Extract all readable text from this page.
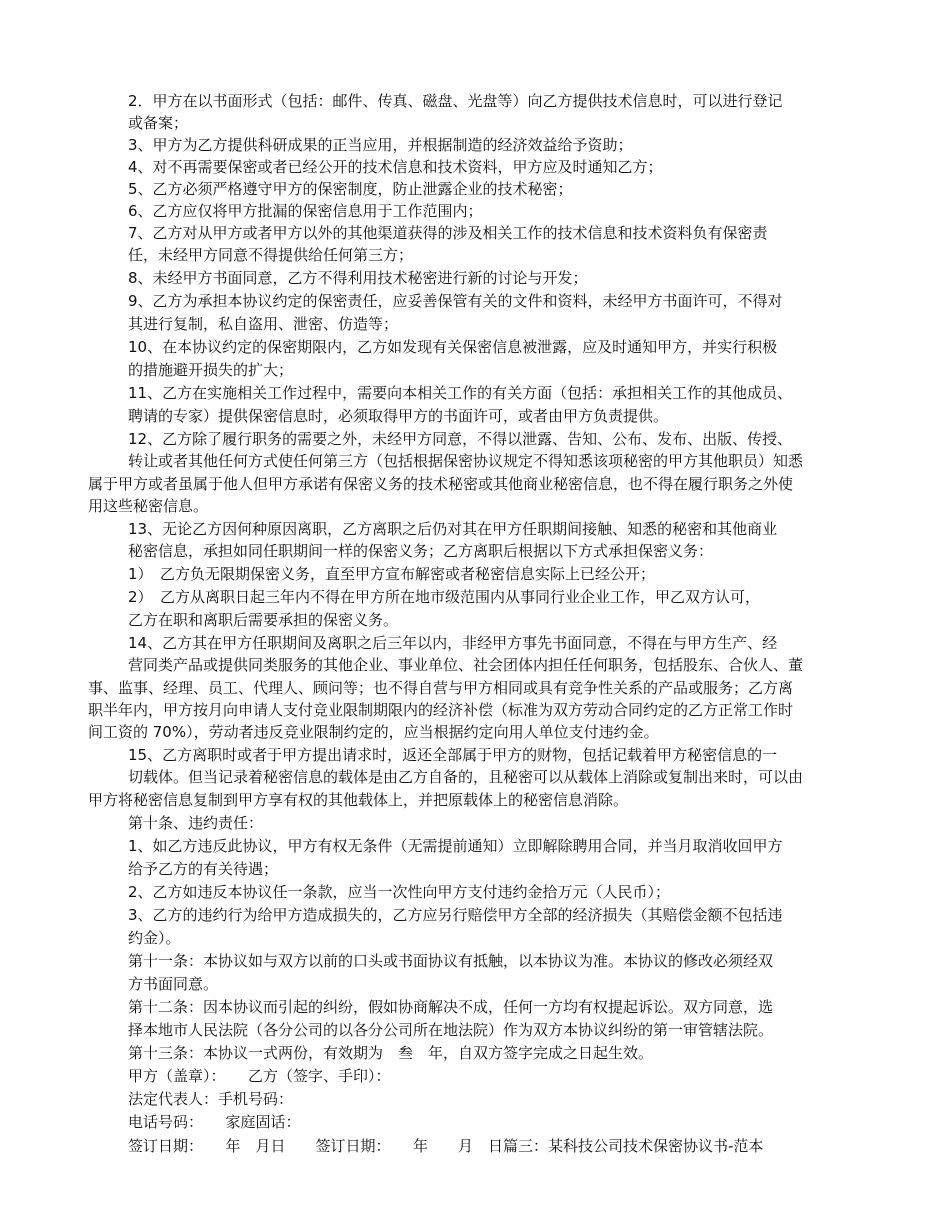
2．甲方在以书面形式（包括：邮件、传真、磁盘、光盘等）向乙方提供技术信息时，可以进行登记
或备案；
3、甲方为乙方提供科研成果的正当应用，并根据制造的经济效益给予资助；
4、对不再需要保密或者已经公开的技术信息和技术资料，甲方应及时通知乙方；
5、乙方必须严格遵守甲方的保密制度，防止泄露企业的技术秘密；
6、乙方应仅将甲方批漏的保密信息用于工作范围内；
7、乙方对从甲方或者甲方以外的其他渠道获得的涉及相关工作的技术信息和技术资料负有保密责
任，未经甲方同意不得提供给任何第三方；
8、未经甲方书面同意，乙方不得利用技术秘密进行新的讨论与开发；
9、乙方为承担本协议约定的保密责任，应妥善保管有关的文件和资料，未经甲方书面许可，不得对
其进行复制，私自盗用、泄密、仿造等；
10、在本协议约定的保密期限内，乙方如发现有关保密信息被泄露，应及时通知甲方，并实行积极
的措施避开损失的扩大；
11、乙方在实施相关工作过程中，需要向本相关工作的有关方面（包括：承担相关工作的其他成员、
聘请的专家）提供保密信息时，必须取得甲方的书面许可，或者由甲方负责提供。
12、乙方除了履行职务的需要之外，未经甲方同意，不得以泄露、告知、公布、发布、出版、传授、
转让或者其他任何方式使任何第三方（包括根据保密协议规定不得知悉该项秘密的甲方其他职员）知悉
属于甲方或者虽属于他人但甲方承诺有保密义务的技术秘密或其他商业秘密信息，也不得在履行职务之外使
用这些秘密信息。
13、无论乙方因何种原因离职，乙方离职之后仍对其在甲方任职期间接触、知悉的秘密和其他商业
秘密信息，承担如同任职期间一样的保密义务；乙方离职后根据以下方式承担保密义务：
1）　乙方负无限期保密义务，直至甲方宣布解密或者秘密信息实际上已经公开；
2）　乙方从离职日起三年内不得在甲方所在地市级范围内从事同行业企业工作，甲乙双方认可，
乙方在职和离职后需要承担的保密义务。
14、乙方其在甲方任职期间及离职之后三年以内，非经甲方事先书面同意，不得在与甲方生产、经
营同类产品或提供同类服务的其他企业、事业单位、社会团体内担任任何职务，包括股东、合伙人、董
事、监事、经理、员工、代理人、顾问等；也不得自营与甲方相同或具有竞争性关系的产品或服务；乙方离
职半年内，甲方按月向申请人支付竞业限制期限内的经济补偿（标准为双方劳动合同约定的乙方正常工作时
间工资的 70%），劳动者违反竞业限制约定的，应当根据约定向用人单位支付违约金。
15、乙方离职时或者于甲方提出请求时，返还全部属于甲方的财物，包括记载着甲方秘密信息的一
切载体。但当记录着秘密信息的载体是由乙方自备的，且秘密可以从载体上消除或复制出来时，可以由
甲方将秘密信息复制到甲方享有权的其他载体上，并把原载体上的秘密信息消除。
第十条、违约责任：
1、如乙方违反此协议，甲方有权无条件（无需提前通知）立即解除聘用合同，并当月取消收回甲方
给予乙方的有关待遇；
2、乙方如违反本协议任一条款，应当一次性向甲方支付违约金拾万元（人民币）；
3、乙方的违约行为给甲方造成损失的，乙方应另行赔偿甲方全部的经济损失（其赔偿金额不包括违
约金）。
第十一条：本协议如与双方以前的口头或书面协议有抵触，以本协议为准。本协议的修改必须经双
方书面同意。
第十二条：因本协议而引起的纠纷，假如协商解决不成，任何一方均有权提起诉讼。双方同意，选
择本地市人民法院（各分公司的以各分公司所在地法院）作为双方本协议纠纷的第一审管辖法院。
第十三条：本协议一式两份，有效期为　叁　年，自双方签字完成之日起生效。
甲方（盖章）：　　乙方（签字、手印）：
法定代表人：手机号码：
电话号码：　　家庭固话：
签订日期：　　年　月日　　签订日期：　　年　　月　日篇三：某科技公司技术保密协议书-范本
